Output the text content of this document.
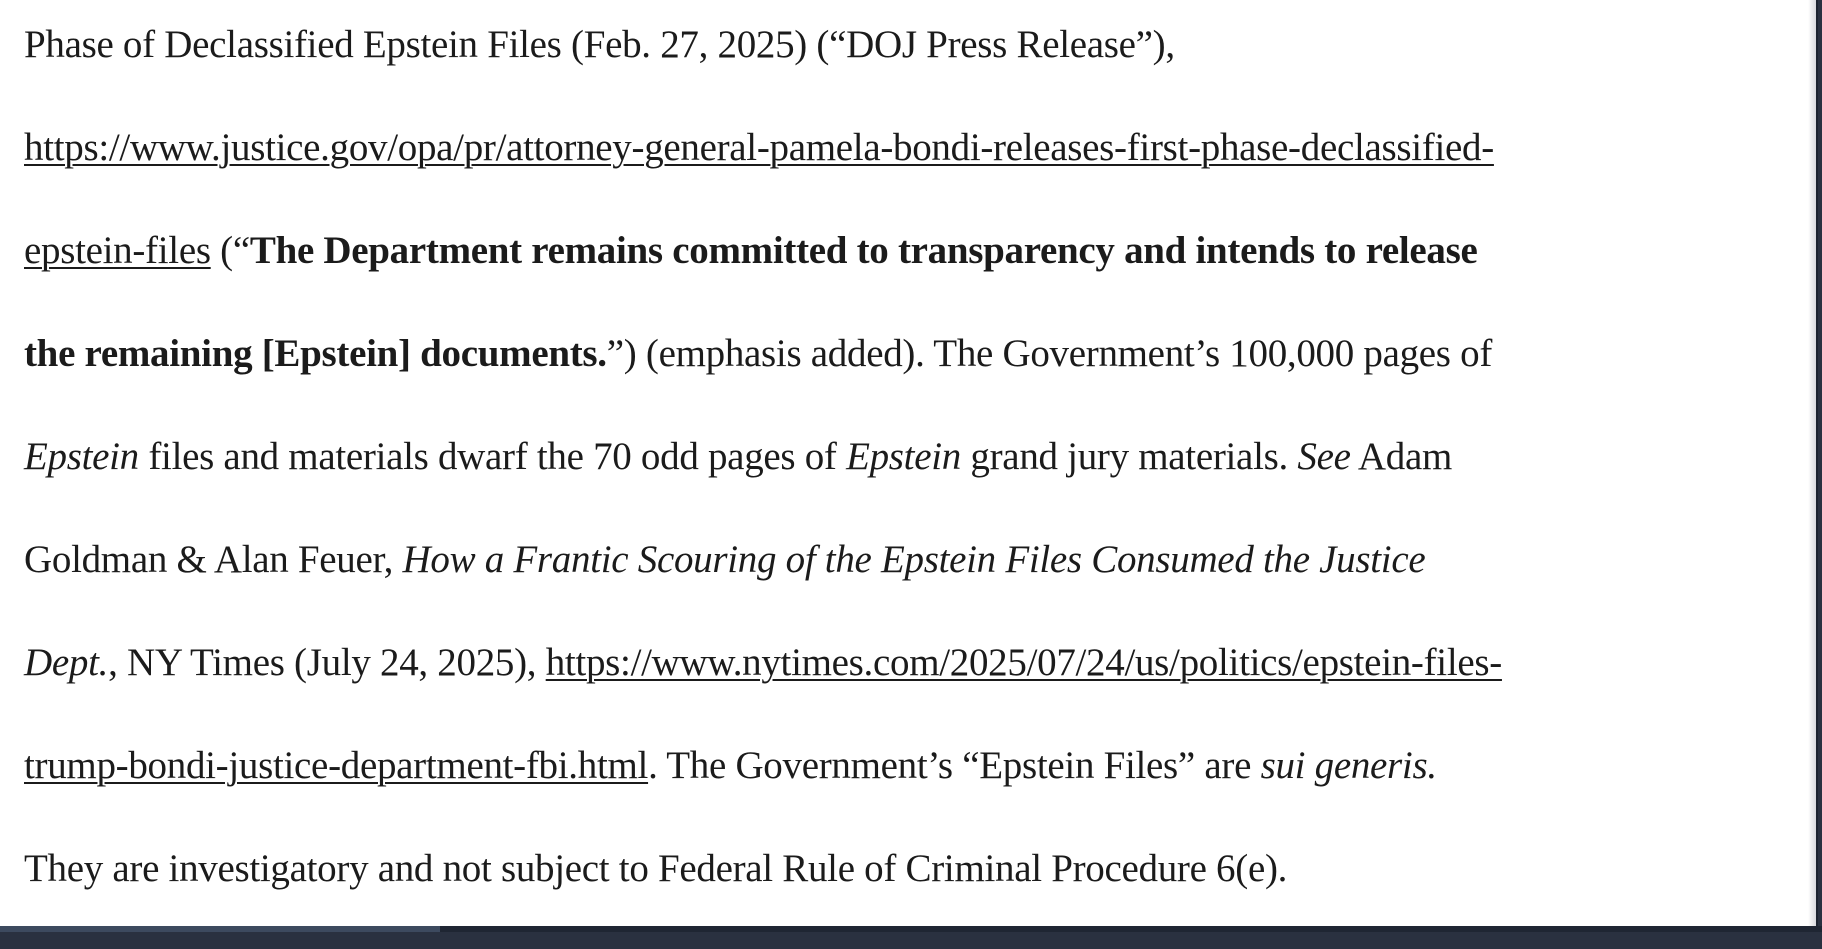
Phase of Declassified Epstein Files (Feb. 27, 2025) (“DOJ Press Release”),
https://www.justice.gov/opa/pr/attorney-general-pamela-bondi-releases-first-phase-declassified-
epstein-files (“The Department remains committed to transparency and intends to release
the remaining [Epstein] documents.”) (emphasis added). The Government’s 100,000 pages of
Epstein files and materials dwarf the 70 odd pages of Epstein grand jury materials. See Adam
Goldman & Alan Feuer, How a Frantic Scouring of the Epstein Files Consumed the Justice
Dept., NY Times (July 24, 2025), https://www.nytimes.com/2025/07/24/us/politics/epstein-files-
trump-bondi-justice-department-fbi.html. The Government’s “Epstein Files” are sui generis.
They are investigatory and not subject to Federal Rule of Criminal Procedure 6(e).
